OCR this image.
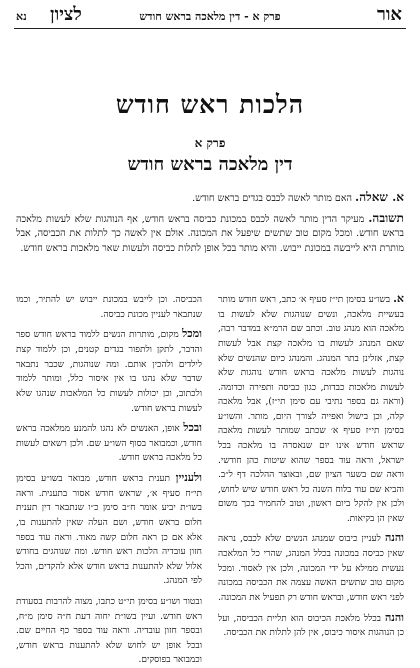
אור
פרק א - דין מלאכה בראש חודש
לציון
נא
הלכות ראש חודש
פרק א
דין מלאכה בראש חודש

א. שאלה. האם מותר לאשה לכבס בגדים בראש חודש.

תשובה. מעיקר הדין מותר לאשה לכבס במכונת כביסה בראש חודש, אף הנוהגות שלא לעשות מלאכה בראש חודש. ומכל מקום טוב שתשים שיפעל את המכונה. אולם אין לאשה כך לתלות את הכביסה, אבל מותרת היא לייבשה במכונת ייבוש. והיא מותר בכל אופן לתלות כביסה ולעשות שאר מלאכות בראש חודש.

א. בשו״ע בסימן תי״ז סעיף א׳ כתב, ראש חודש מותר בעשיית מלאכה, ונשים שנוהגות שלא לעשות בו מלאכה הוא מנהג טוב. וכתב שם הרמ״א במדבר רבה, שאם המנהג לעשות בו מלאכה קצת אבל לעשות קצת, אזלינן בתר המנהג. והמנהג כיום שהנשים שלא נוהגות לעשות מלאכה בראש חודש נוהגות שלא לעשות מלאכות כבדות, כגון כביסה ותפירה וכדומה. (וראה גם בספר נתיבי עם סימן תי״ז), אבל מלאכה קלה, וכן בישול ואפייה לצורך היום, מותר. והשו״ע בסימן תי״ז סעיף א׳ שכתב שמותר לעשות מלאכה שראש חודש אינו יום שנאסרה בו מלאכה בכל ישראל, וראה עוד בספר שהוא שיטות כהן חודשי. וראה שם בשער הציון שם, ובאוצר ההלכה דף ל״ב. והביא שם עוד בלוח השנה כל ראש חודש שיש לחוש, ולכן אין להקל ביום ראשון, וטוב להחמיר בכך משום שאין הן בקיאות.

והנה לעניין כיבוס שמנהג הנשים שלא לכבס, נראה שאין כביסה במכונה בכלל המנהג, שהרי כל המלאכה נעשית ממילא על ידי המכונה, ולכן אין לאסור. ומכל מקום טוב שתשים האשה עצמה את הכביסה במכונה לפני ראש חודש, ובראש חודש רק תפעיל את המכונה.

והנה בכלל מלאכת הכיבוס הוא תליית הכביסה, ועל כן הנוהגות איסור כיבוס, אין להן לתלות את הכביסה.

הכביסה. וכן לייבש במכונת ייבוש יש להתיר, וכמו שנתבאר לעניין מכונת כביסה.

ומכל מקום, מותרות הנשים ללמוד בראש חודש ספר והדבר, לתקן ולתפור בגדים קטנים, וכן ללמוד קצת לילדים ולהכין אותם. ומה שנוהגות, שכבר נתבאר שדבר שלא נהגו בו אין איסור כלל, ומותר ללמוד ולכתוב, וכן יכולות לעשות כל המלאכות שנהגו שלא לעשות בראש חודש.

ובכל אופן, האנשים לא נהגו להמנע ממלאכה בראש חודש, וכמבואר בסוף השו״ע שם. ולכן רשאים לעשות כל מלאכה בראש חודש.

ולעניין תענית בראש חודש, מבואר בשו״ע בסימן תי״ח סעיף א׳, שראש חודש אסור בתענית. וראה בשו״ת יביע אומר ח״ב סימן כ״ו שנתבאר דין תענית חלום בראש חודש, ושם העלה שאין להתענות בו, אלא אם כן ראה חלום קשה מאוד. וראה עוד בספר חזון עובדיה הלכות ראש חודש. ומה שנוהגים בחודש אלול שלא להתענות בראש חודש אלא להקדים, והכל לפי המנהג.

ובטור ושו״ע בסימן תי״ט כתבו, מצוה להרבות בסעודת ראש חודש. ועיין בשו״ת יחוה דעת ח״ה סימן מ״ח, ובספר חזון עובדיה. וראה עוד בספר כף החיים שם. ובכל אופן יש לחוש שלא להתענות בראש חודש, וכמבואר בפוסקים.
